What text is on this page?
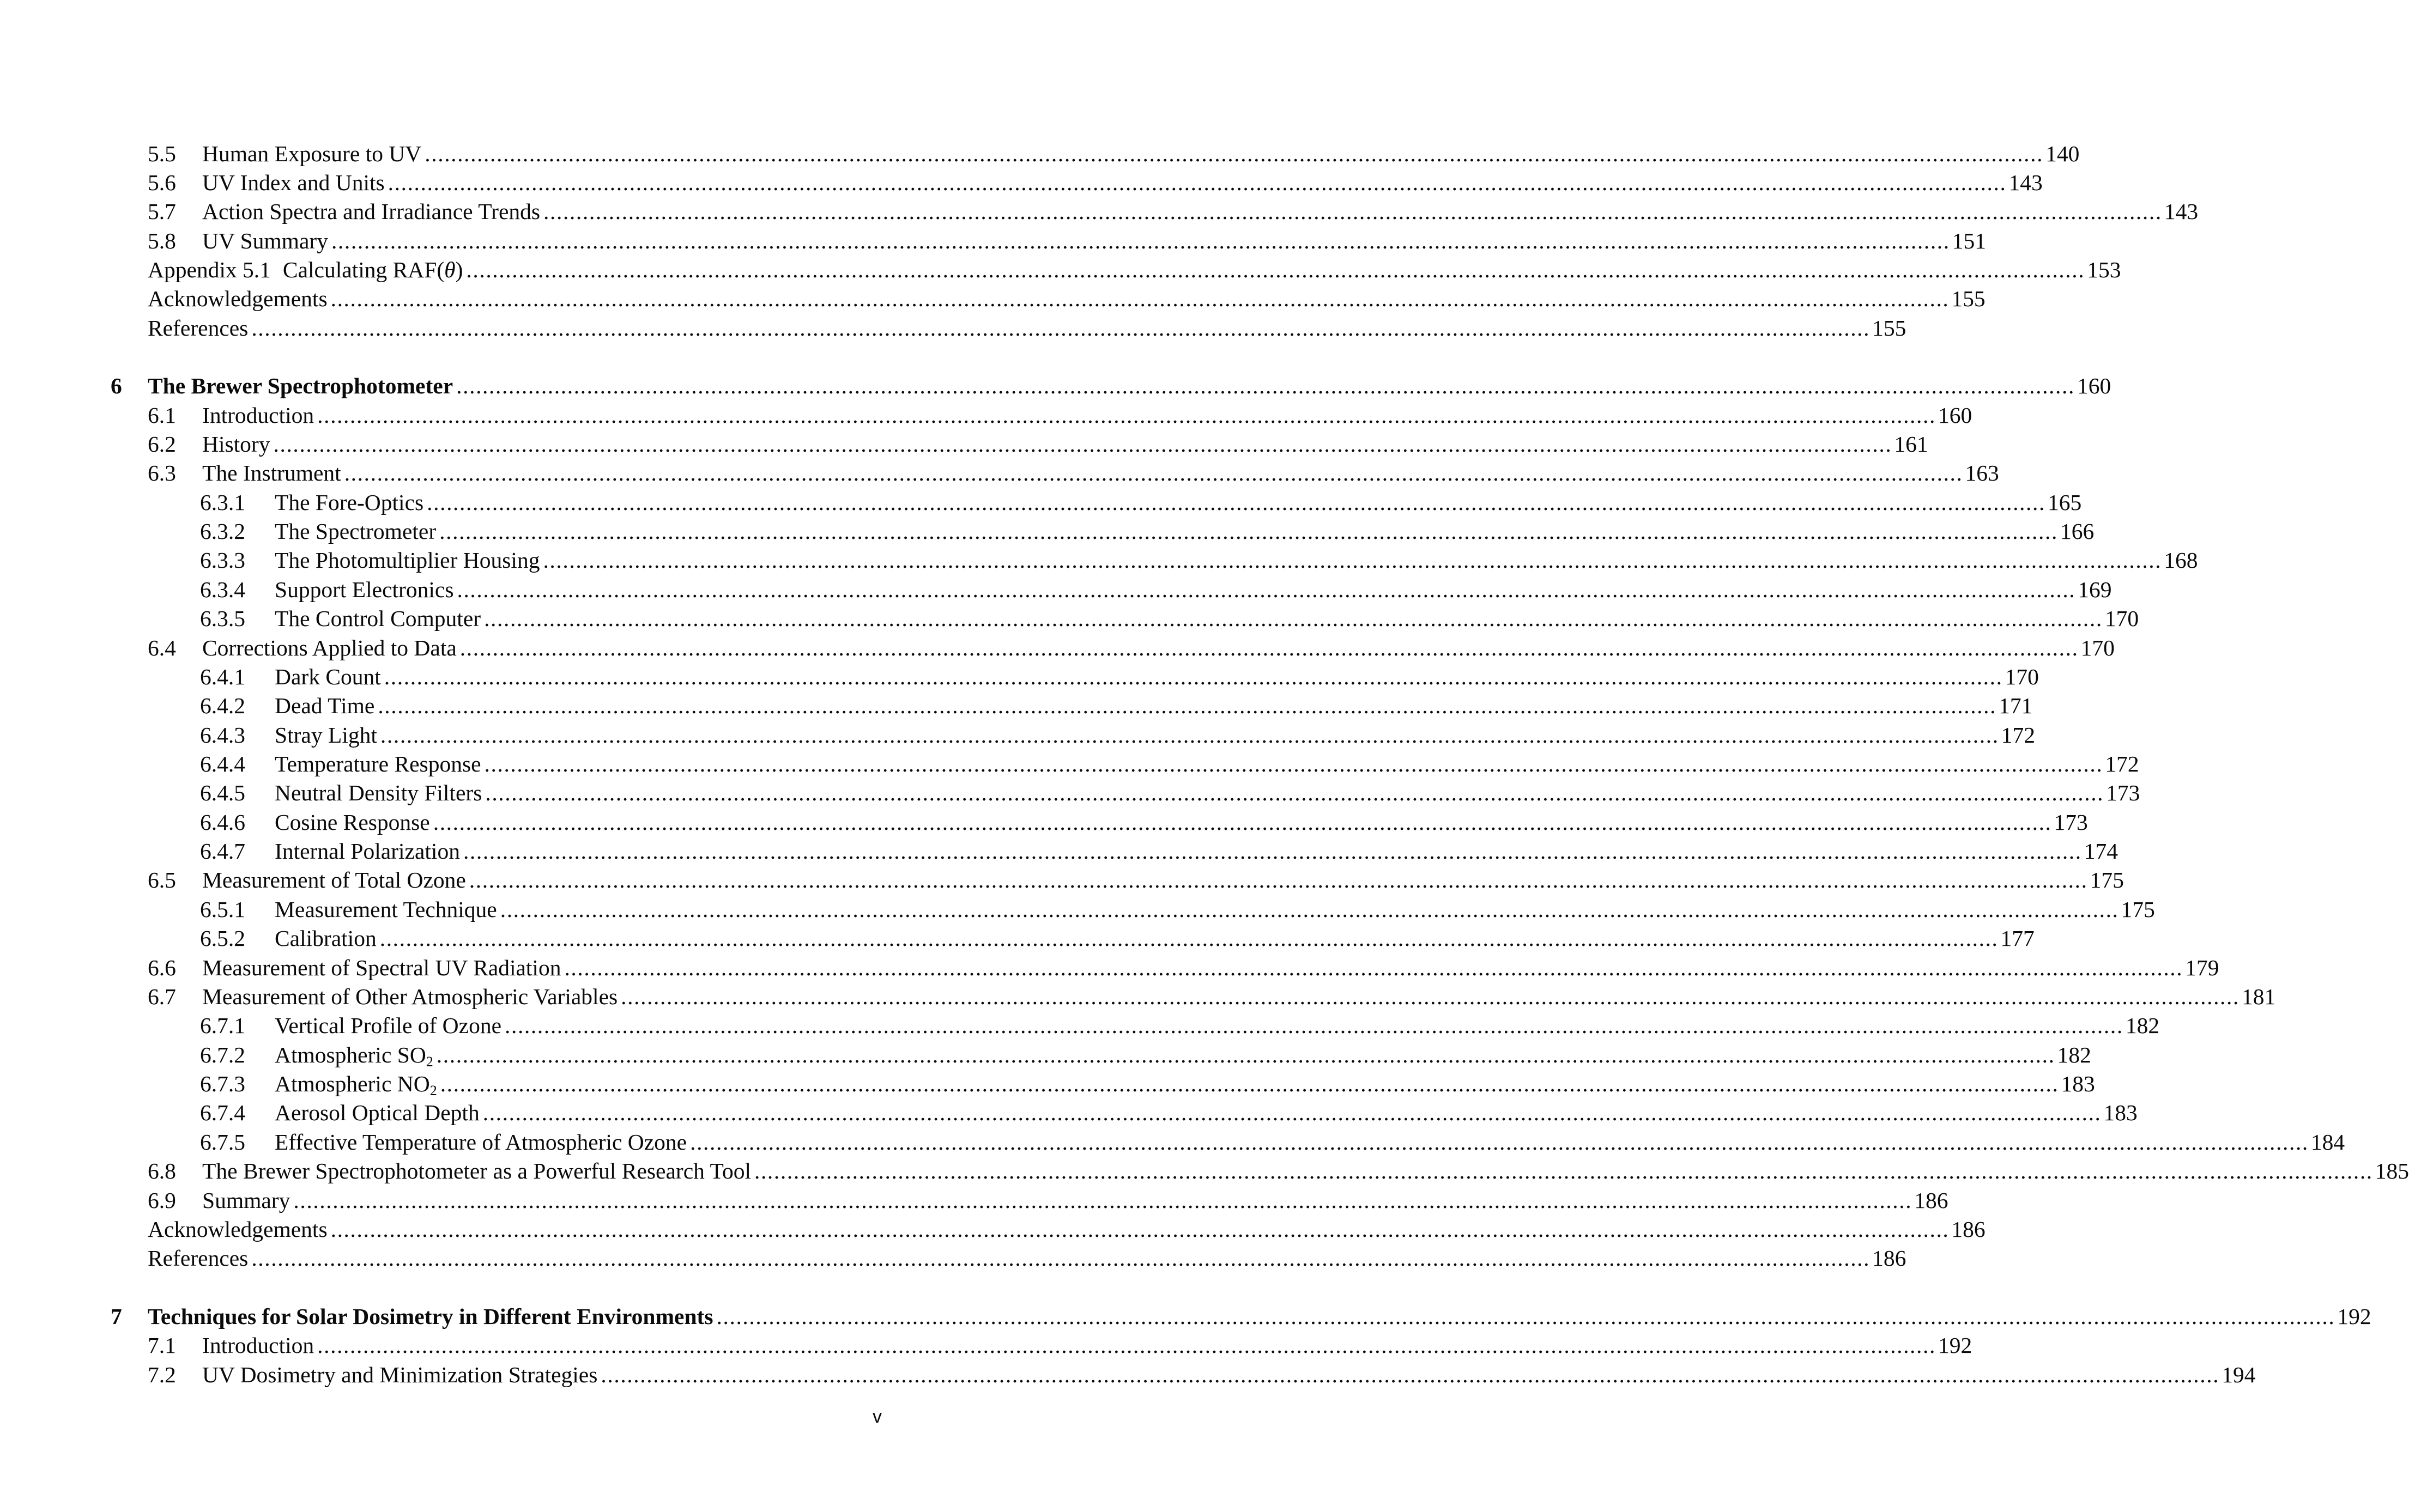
5.5	Human Exposure to UV ........................................................................................................................................................................................................................................................ 140
5.6	UV Index and Units ........................................................................................................................................................................................................................................................ 143
5.7	Action Spectra and Irradiance Trends ........................................................................................................................................................................................................................................................ 143
5.8	UV Summary ........................................................................................................................................................................................................................................................ 151
Appendix 5.1 Calculating RAF(θ) ........................................................................................................................................................................................................................................................ 153
Acknowledgements ........................................................................................................................................................................................................................................................ 155
References ........................................................................................................................................................................................................................................................ 155
6 The Brewer Spectrophotometer ........................................................................................................................................................................................................................................................ 160
6.1	Introduction ........................................................................................................................................................................................................................................................ 160
6.2	History ........................................................................................................................................................................................................................................................ 161
6.3	The Instrument ........................................................................................................................................................................................................................................................ 163
6.3.1	The Fore-Optics ........................................................................................................................................................................................................................................................ 165
6.3.2	The Spectrometer ........................................................................................................................................................................................................................................................ 166
6.3.3	The Photomultiplier Housing ........................................................................................................................................................................................................................................................ 168
6.3.4	Support Electronics ........................................................................................................................................................................................................................................................ 169
6.3.5	The Control Computer ........................................................................................................................................................................................................................................................ 170
6.4	Corrections Applied to Data ........................................................................................................................................................................................................................................................ 170
6.4.1	Dark Count ........................................................................................................................................................................................................................................................ 170
6.4.2	Dead Time ........................................................................................................................................................................................................................................................ 171
6.4.3	Stray Light ........................................................................................................................................................................................................................................................ 172
6.4.4	Temperature Response ........................................................................................................................................................................................................................................................ 172
6.4.5	Neutral Density Filters ........................................................................................................................................................................................................................................................ 173
6.4.6	Cosine Response ........................................................................................................................................................................................................................................................ 173
6.4.7	Internal Polarization ........................................................................................................................................................................................................................................................ 174
6.5	Measurement of Total Ozone ........................................................................................................................................................................................................................................................ 175
6.5.1	Measurement Technique ........................................................................................................................................................................................................................................................ 175
6.5.2	Calibration ........................................................................................................................................................................................................................................................ 177
6.6	Measurement of Spectral UV Radiation ........................................................................................................................................................................................................................................................ 179
6.7	Measurement of Other Atmospheric Variables ........................................................................................................................................................................................................................................................ 181
6.7.1	Vertical Profile of Ozone ........................................................................................................................................................................................................................................................ 182
6.7.2	Atmospheric $SO_2$ ........................................................................................................................................................................................................................................................ 182
6.7.3	Atmospheric $NO_2$ ........................................................................................................................................................................................................................................................ 183
6.7.4	Aerosol Optical Depth ........................................................................................................................................................................................................................................................ 183
6.7.5	Effective Temperature of Atmospheric Ozone ........................................................................................................................................................................................................................................................ 184
6.8	The Brewer Spectrophotometer as a Powerful Research Tool ........................................................................................................................................................................................................................................................ 185
6.9	Summary ........................................................................................................................................................................................................................................................ 186
Acknowledgements ........................................................................................................................................................................................................................................................ 186
References ........................................................................................................................................................................................................................................................ 186
7 Techniques for Solar Dosimetry in Different Environments ........................................................................................................................................................................................................................................................ 192
7.1	Introduction ........................................................................................................................................................................................................................................................ 192
7.2	UV Dosimetry and Minimization Strategies ........................................................................................................................................................................................................................................................ 194
v
